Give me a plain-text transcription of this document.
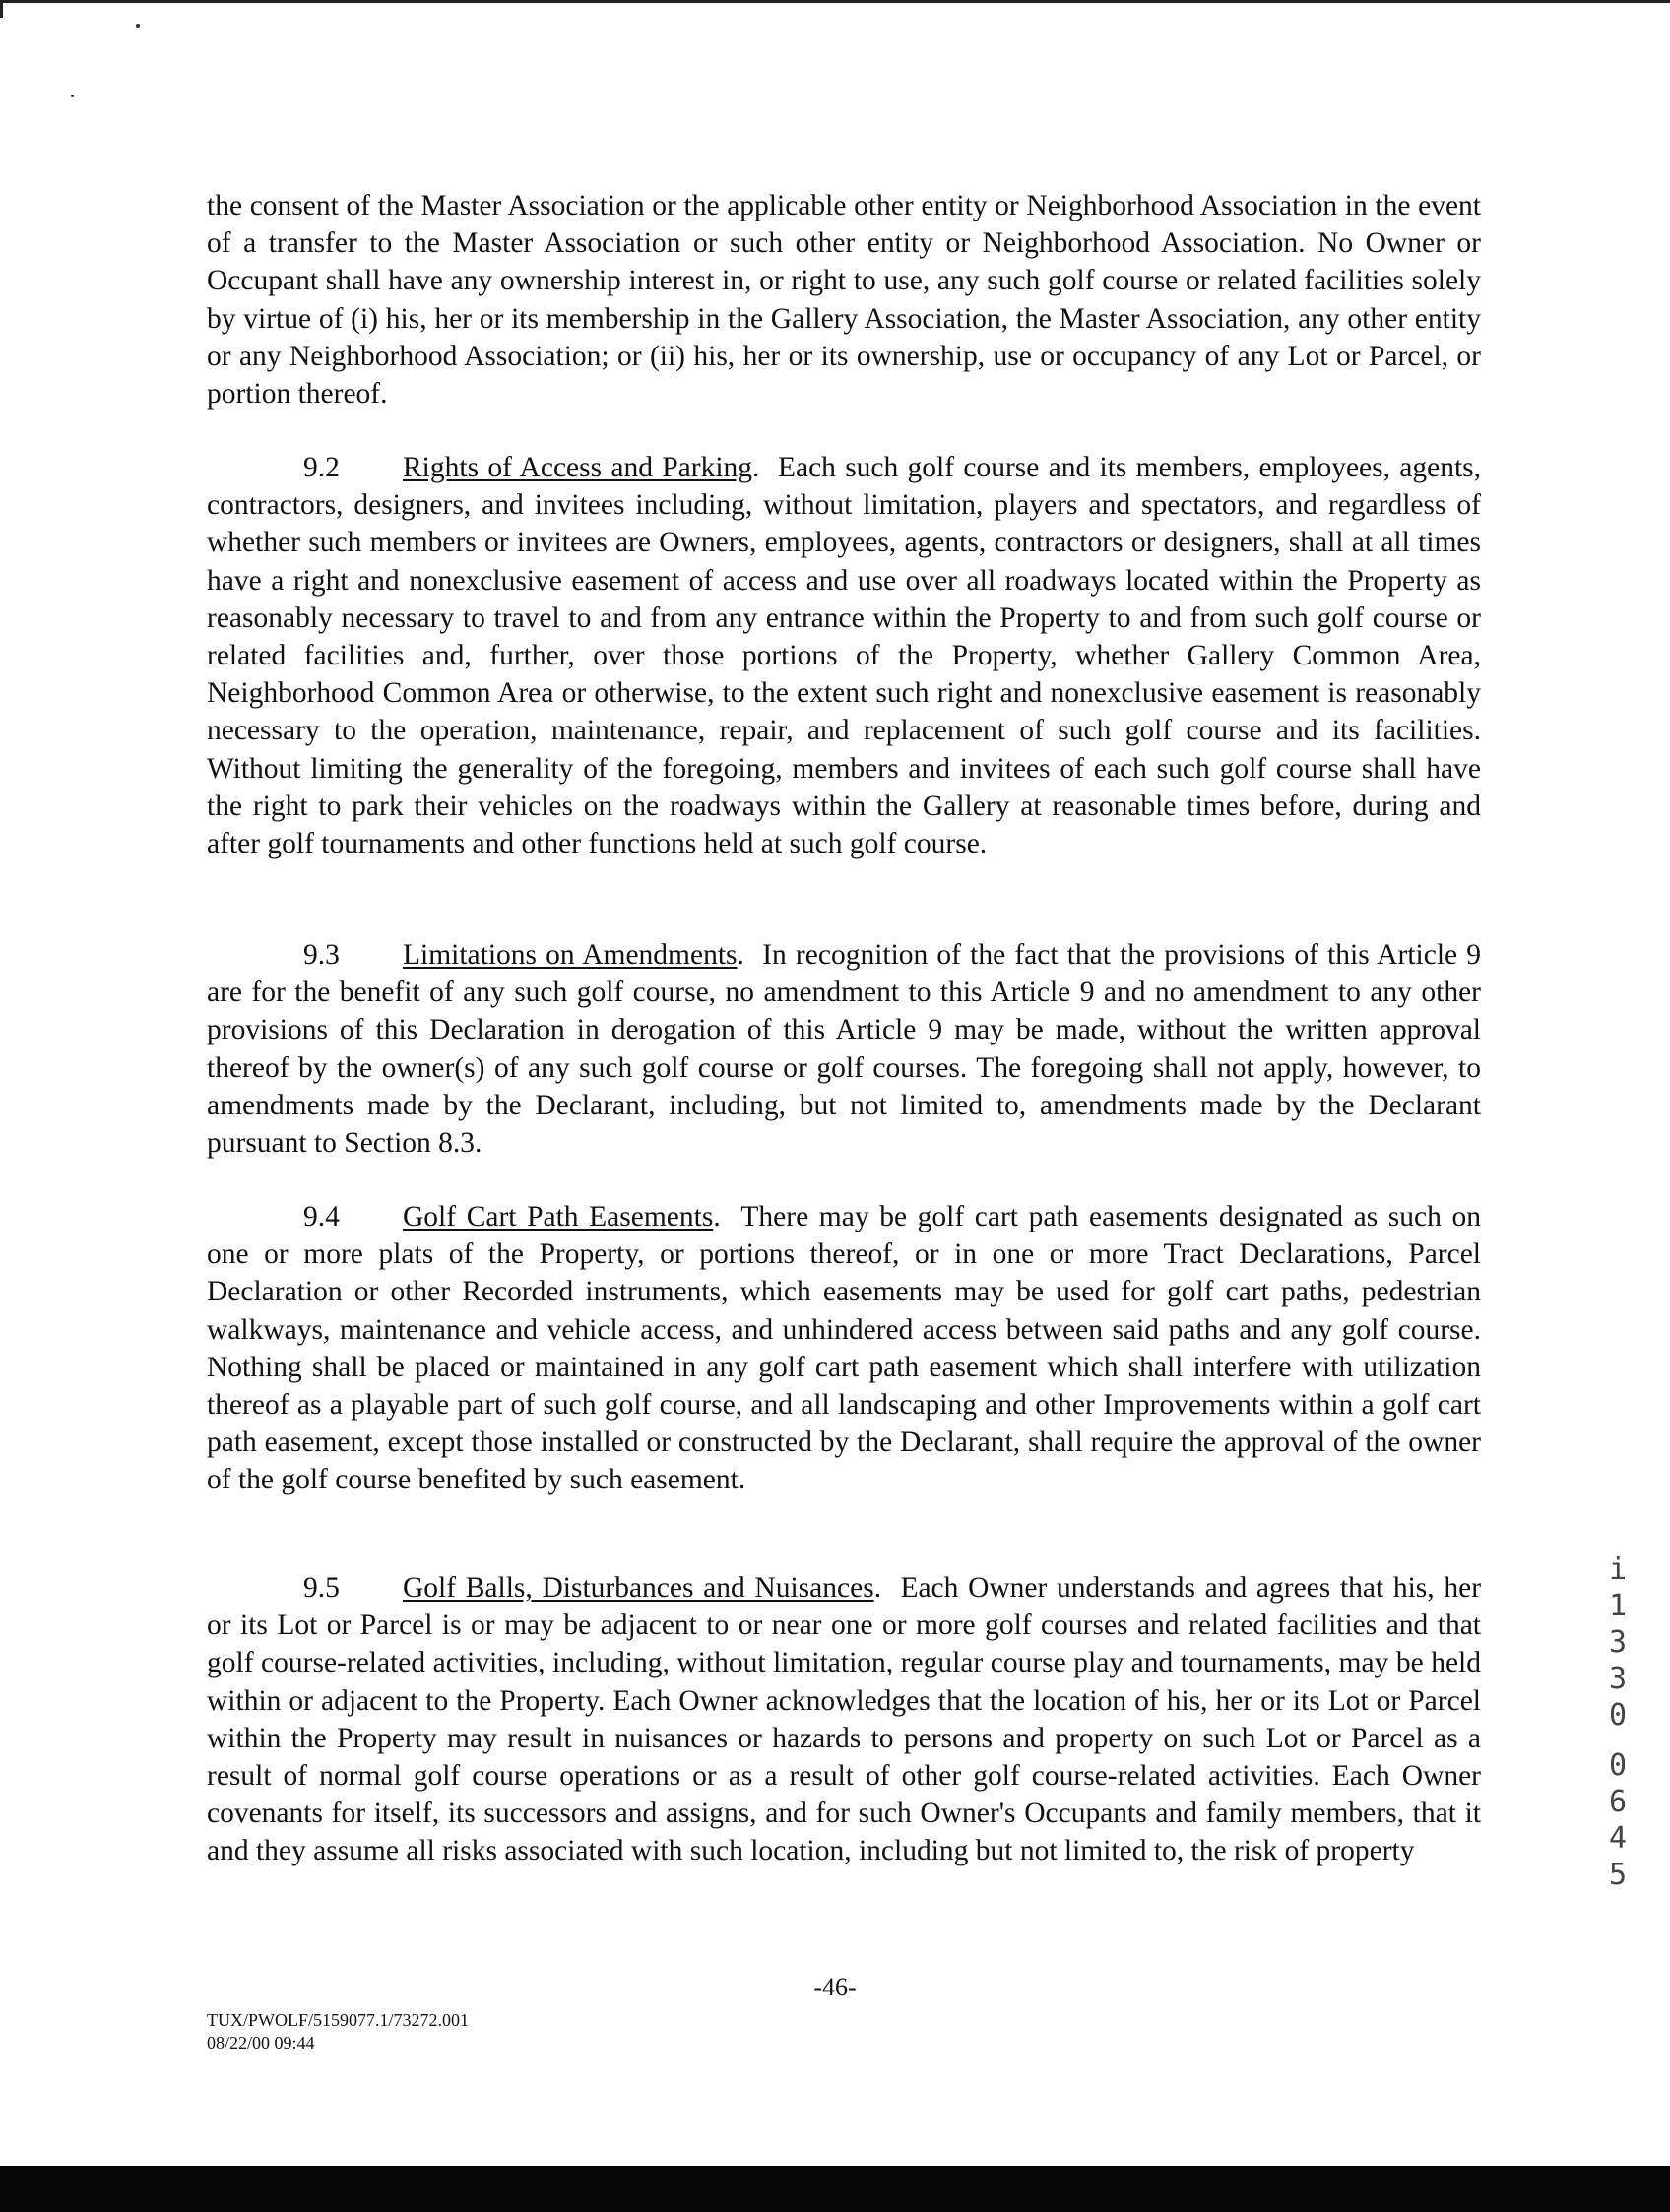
the consent of the Master Association or the applicable other entity or Neighborhood Association in the event of a transfer to the Master Association or such other entity or Neighborhood Association. No Owner or Occupant shall have any ownership interest in, or right to use, any such golf course or related facilities solely by virtue of (i) his, her or its membership in the Gallery Association, the Master Association, any other entity or any Neighborhood Association; or (ii) his, her or its ownership, use or occupancy of any Lot or Parcel, or portion thereof.

9.2 Rights of Access and Parking.  Each such golf course and its members, employees, agents, contractors, designers, and invitees including, without limitation, players and spectators, and regardless of whether such members or invitees are Owners, employees, agents, contractors or designers, shall at all times have a right and nonexclusive easement of access and use over all roadways located within the Property as reasonably necessary to travel to and from any entrance within the Property to and from such golf course or related facilities and, further, over those portions of the Property, whether Gallery Common Area, Neighborhood Common Area or otherwise, to the extent such right and nonexclusive easement is reasonably necessary to the operation, maintenance, repair, and replacement of such golf course and its facilities. Without limiting the generality of the foregoing, members and invitees of each such golf course shall have the right to park their vehicles on the roadways within the Gallery at reasonable times before, during and after golf tournaments and other functions held at such golf course.

9.3 Limitations on Amendments.  In recognition of the fact that the provisions of this Article 9 are for the benefit of any such golf course, no amendment to this Article 9 and no amendment to any other provisions of this Declaration in derogation of this Article 9 may be made, without the written approval thereof by the owner(s) of any such golf course or golf courses. The foregoing shall not apply, however, to amendments made by the Declarant, including, but not limited to, amendments made by the Declarant pursuant to Section 8.3.

9.4 Golf Cart Path Easements.  There may be golf cart path easements designated as such on one or more plats of the Property, or portions thereof, or in one or more Tract Declarations, Parcel Declaration or other Recorded instruments, which easements may be used for golf cart paths, pedestrian walkways, maintenance and vehicle access, and unhindered access between said paths and any golf course. Nothing shall be placed or maintained in any golf cart path easement which shall interfere with utilization thereof as a playable part of such golf course, and all landscaping and other Improvements within a golf cart path easement, except those installed or constructed by the Declarant, shall require the approval of the owner of the golf course benefited by such easement.

9.5 Golf Balls, Disturbances and Nuisances.  Each Owner understands and agrees that his, her or its Lot or Parcel is or may be adjacent to or near one or more golf courses and related facilities and that golf course-related activities, including, without limitation, regular course play and tournaments, may be held within or adjacent to the Property. Each Owner acknowledges that the location of his, her or its Lot or Parcel within the Property may result in nuisances or hazards to persons and property on such Lot or Parcel as a result of normal golf course operations or as a result of other golf course-related activities. Each Owner covenants for itself, its successors and assigns, and for such Owner's Occupants and family members, that it and they assume all risks associated with such location, including but not limited to, the risk of property

-46-
TUX/PWOLF/5159077.1/73272.001
08/22/00 09:44
i
1
3
3
0
0
6
4
5
